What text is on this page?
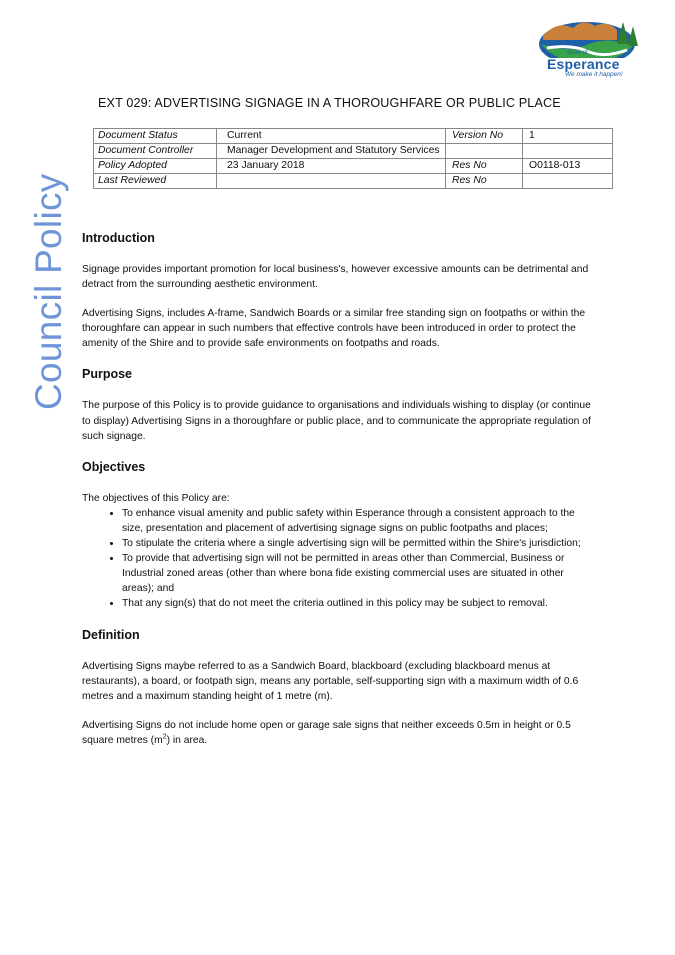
Shire of
Esperance
We make it happen!
Council Policy
EXT 029: ADVERTISING SIGNAGE IN A THOROUGHFARE OR PUBLIC PLACE
Document Status	Current	Version No	1
Document Controller	Manager Development and Statutory Services		
Policy Adopted	23 January 2018	Res No	O0118-013
Last Reviewed		Res No	
Introduction

Signage provides important promotion for local business's, however excessive amounts can be detrimental and detract from the surrounding aesthetic environment.

Advertising Signs, includes A-frame, Sandwich Boards or a similar free standing sign on footpaths or within the thoroughfare can appear in such numbers that effective controls have been introduced in order to protect the amenity of the Shire and to provide safe environments on footpaths and roads.

Purpose

The purpose of this Policy is to provide guidance to organisations and individuals wishing to display (or continue to display) Advertising Signs in a thoroughfare or public place, and to communicate the appropriate regulation of such signage.

Objectives

The objectives of this Policy are:

• To enhance visual amenity and public safety within Esperance through a consistent approach to the size, presentation and placement of advertising signage signs on public footpaths and places;
• To stipulate the criteria where a single advertising sign will be permitted within the Shire's jurisdiction;
• To provide that advertising sign will not be permitted in areas other than Commercial, Business or Industrial zoned areas (other than where bona fide existing commercial uses are situated in other areas); and
• That any sign(s) that do not meet the criteria outlined in this policy may be subject to removal.
Definition

Advertising Signs maybe referred to as a Sandwich Board, blackboard (excluding blackboard menus at restaurants), a board, or footpath sign, means any portable, self-supporting sign with a maximum width of 0.6 metres and a maximum standing height of 1 metre (m).

Advertising Signs do not include home open or garage sale signs that neither exceeds 0.5m in height or 0.5 square metres $(m^2)$ in area.
